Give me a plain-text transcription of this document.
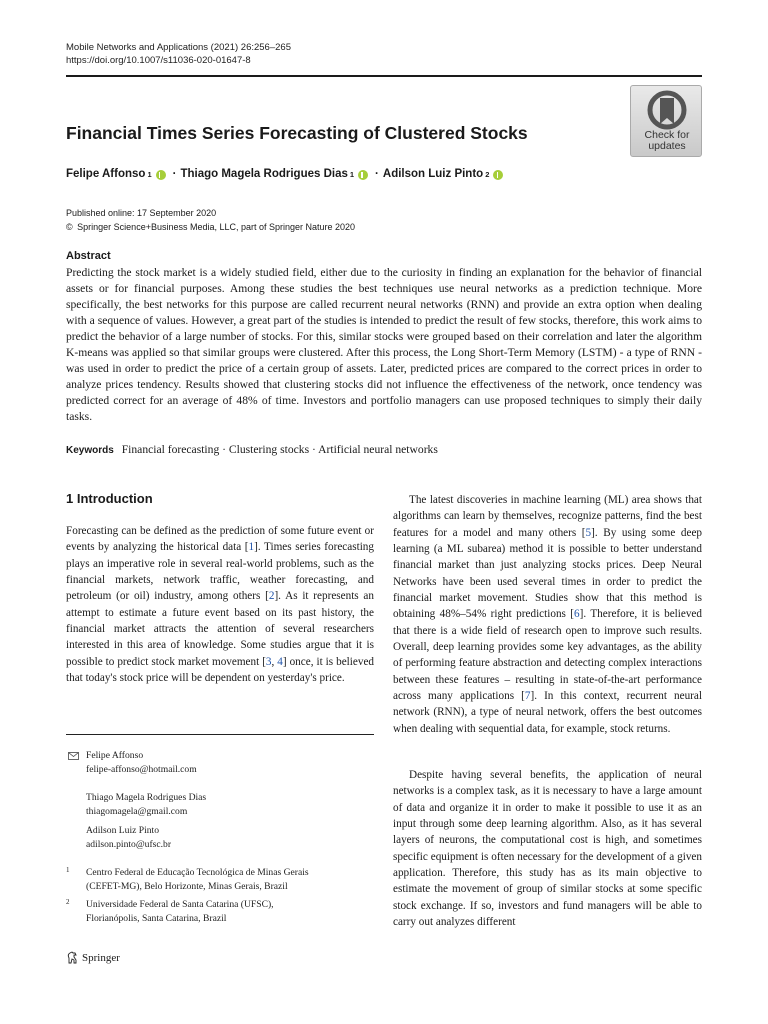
Mobile Networks and Applications (2021) 26:256–265
https://doi.org/10.1007/s11036-020-01647-8
Check for
updates
Financial Times Series Forecasting of Clustered Stocks
Felipe Affonso 1 · Thiago Magela Rodrigues Dias 1 · Adilson Luiz Pinto 2
Published online: 17 September 2020
© Springer Science+Business Media, LLC, part of Springer Nature 2020
Abstract

Predicting the stock market is a widely studied field, either due to the curiosity in finding an explanation for the behavior of financial assets or for financial purposes. Among these studies the best techniques use neural networks as a prediction technique. More specifically, the best networks for this purpose are called recurrent neural networks (RNN) and provide an extra option when dealing with a sequence of values. However, a great part of the studies is intended to predict the result of few stocks, therefore, this work aims to predict the behavior of a large number of stocks. For this, similar stocks were grouped based on their correlation and later the algorithm K-means was applied so that similar groups were clustered. After this process, the Long Short-Term Memory (LSTM) - a type of RNN - was used in order to predict the price of a certain group of assets. Later, predicted prices are compared to the correct prices in order to analyze prices tendency. Results showed that clustering stocks did not influence the effectiveness of the network, once tendency was predicted correct for an average of 48% of time. Investors and portfolio managers can use proposed techniques to simply their daily tasks.

Keywords Financial forecasting · Clustering stocks · Artificial neural networks
1 Introduction

Forecasting can be defined as the prediction of some future event or events by analyzing the historical data [1]. Times series forecasting plays an imperative role in several real-world problems, such as the financial markets, network traffic, weather forecasting, and petroleum (or oil) industry, among others [2]. As it represents an attempt to estimate a future event based on its past history, the financial market attracts the attention of several researchers interested in this area of knowledge. Some studies argue that it is possible to predict stock market movement [3, 4] once, it is believed that today's stock price will be dependent on yesterday's price.

Felipe Affonso
felipe-affonso@hotmail.com
Thiago Magela Rodrigues Dias
thiagomagela@gmail.com
Adilson Luiz Pinto
adilson.pinto@ufsc.br
1 Centro Federal de Educação Tecnológica de Minas Gerais
(CEFET-MG), Belo Horizonte, Minas Gerais, Brazil
2 Universidade Federal de Santa Catarina (UFSC),
Florianópolis, Santa Catarina, Brazil
Springer

The latest discoveries in machine learning (ML) area shows that algorithms can learn by themselves, recognize patterns, find the best features for a model and many others [5]. By using some deep learning (a ML subarea) method it is possible to better understand financial market than just analyzing stocks prices. Deep Neural Networks have been used several times in order to predict the financial market movement. Studies show that this method is obtaining 48%–54% right predictions [6]. Therefore, it is believed that there is a wide field of research open to improve such results. Overall, deep learning provides some key advantages, as the ability of performing feature abstraction and detecting complex interactions between these features – resulting in state-of-the-art performance across many applications [7]. In this context, recurrent neural network (RNN), a type of neural network, offers the best outcomes when dealing with sequential data, for example, stock returns.

Despite having several benefits, the application of neural networks is a complex task, as it is necessary to have a large amount of data and organize it in order to make it possible to use it as an input through some deep learning algorithm. Also, as it has several layers of neurons, the computational cost is high, and sometimes specific equipment is often necessary for the development of a given application. Therefore, this study has as its main objective to estimate the movement of group of similar stocks at some specific stock exchange. If so, investors and fund managers will be able to carry out analyzes different
